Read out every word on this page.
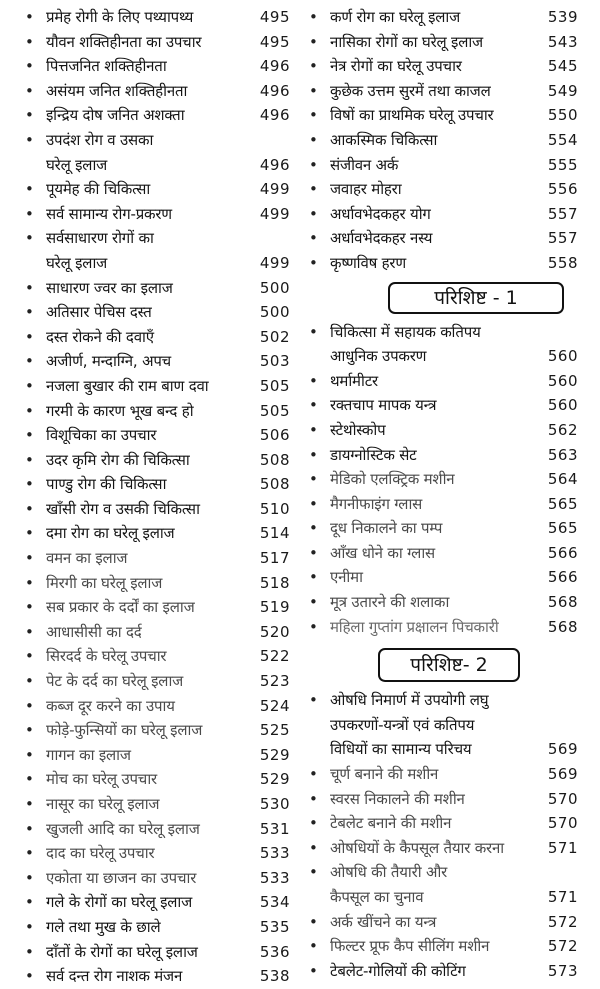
• प्रमेह रोगी के लिए पथ्यापथ्य	495
• यौवन शक्तिहीनता का उपचार	495
• पित्तजनित शक्तिहीनता	496
• असंयम जनित शक्तिहीनता	496
• इन्द्रिय दोष जनित अशक्ता	496
• उपदंश रोग व उसका
घरेलू इलाज	496
• पूयमेह की चिकित्सा	499
• सर्व सामान्य रोग-प्रकरण	499
• सर्वसाधारण रोगों का
घरेलू इलाज	499
• साधारण ज्वर का इलाज	500
• अतिसार पेचिस दस्त	500
• दस्त रोकने की दवाएँ	502
• अजीर्ण, मन्दाग्नि, अपच	503
• नजला बुखार की राम बाण दवा	505
• गरमी के कारण भूख बन्द हो	505
• विशूचिका का उपचार	506
• उदर कृमि रोग की चिकित्सा	508
• पाण्डु रोग की चिकित्सा	508
• खाँसी रोग व उसकी चिकित्सा	510
• दमा रोग का घरेलू इलाज	514
• वमन का इलाज	517
• मिरगी का घरेलू इलाज	518
• सब प्रकार के दर्दों का इलाज	519
• आधासीसी का दर्द	520
• सिरदर्द के घरेलू उपचार	522
• पेट के दर्द का घरेलू इलाज	523
• कब्ज दूर करने का उपाय	524
• फोड़े-फुन्सियों का घरेलू इलाज	525
• गागन का इलाज	529
• मोच का घरेलू उपचार	529
• नासूर का घरेलू इलाज	530
• खुजली आदि का घरेलू इलाज	531
• दाद का घरेलू उपचार	533
• एकोता या छाजन का उपचार	533
• गले के रोगों का घरेलू इलाज	534
• गले तथा मुख के छाले	535
• दाँतों के रोगों का घरेलू इलाज	536
• सर्व दन्त रोग नाशक मंजन	538
• कर्ण रोग का घरेलू इलाज	539
• नासिका रोगों का घरेलू इलाज	543
• नेत्र रोगों का घरेलू उपचार	545
• कुछेक उत्तम सुरमें तथा काजल	549
• विषों का प्राथमिक घरेलू उपचार	550
• आकस्मिक चिकित्सा	554
• संजीवन अर्क	555
• जवाहर मोहरा	556
• अर्धावभेदकहर योग	557
• अर्धावभेदकहर नस्य	557
• कृष्णविष हरण	558
परिशिष्ट - 1
• चिकित्सा में सहायक कतिपय
आधुनिक उपकरण	560
• थर्मामीटर	560
• रक्तचाप मापक यन्त्र	560
• स्टेथोस्कोप	562
• डायग्नोस्टिक सेट	563
• मेडिको एलक्ट्रिक मशीन	564
• मैगनीफाइंग ग्लास	565
• दूध निकालने का पम्प	565
• आँख धोने का ग्लास	566
• एनीमा	566
• मूत्र उतारने की शलाका	568
• महिला गुप्तांग प्रक्षालन पिचकारी	568
परिशिष्ट- 2
• ओषधि निमार्ण में उपयोगी लघु
उपकरणों-यन्त्रों एवं कतिपय
विधियों का सामान्य परिचय	569
• चूर्ण बनाने की मशीन	569
• स्वरस निकालने की मशीन	570
• टेबलेट बनाने की मशीन	570
• ओषधियों के कैपसूल तैयार करना	571
• ओषधि की तैयारी और
कैपसूल का चुनाव	571
• अर्क खींचने का यन्त्र	572
• फिल्टर प्रूफ कैप सीलिंग मशीन	572
• टेबलेट-गोलियों की कोटिंग	573
